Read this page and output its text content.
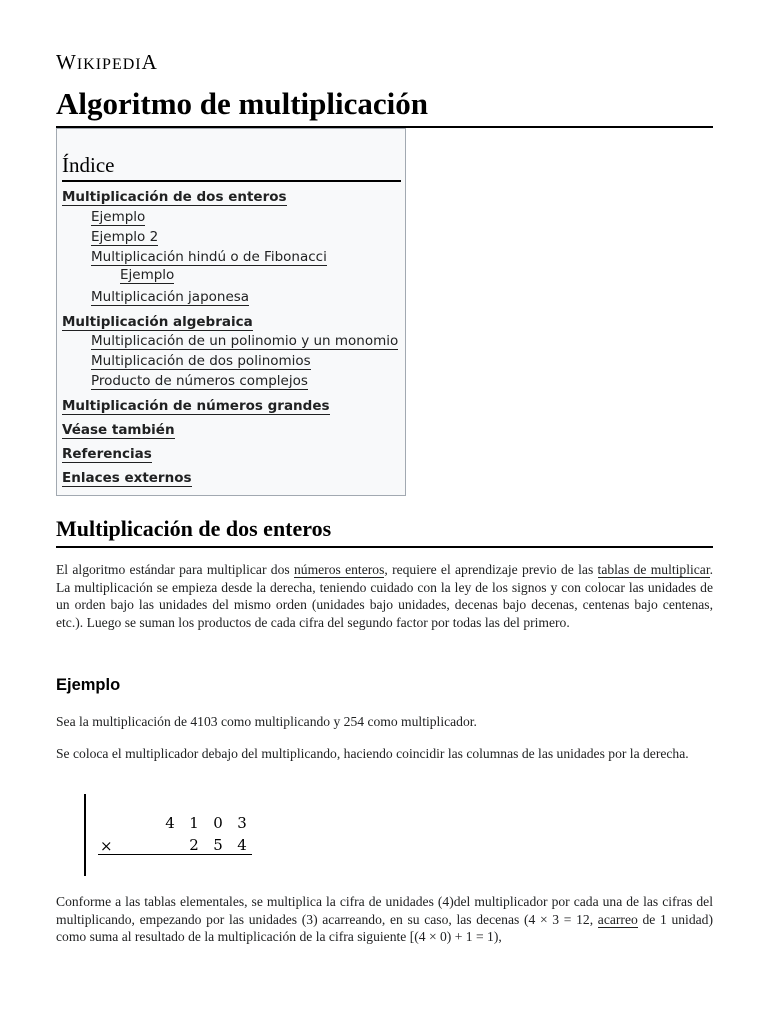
WIKIPEDIA
Algoritmo de multiplicación
Índice
Multiplicación de dos enteros
Ejemplo
Ejemplo 2
Multiplicación hindú o de Fibonacci
Ejemplo
Multiplicación japonesa
Multiplicación algebraica
Multiplicación de un polinomio y un monomio
Multiplicación de dos polinomios
Producto de números complejos
Multiplicación de números grandes
Véase también
Referencias
Enlaces externos
Multiplicación de dos enteros

El algoritmo estándar para multiplicar dos números enteros, requiere el aprendizaje previo de las tablas de multiplicar. La multiplicación se empieza desde la derecha, teniendo cuidado con la ley de los signos y con colocar las unidades de un orden bajo las unidades del mismo orden (unidades bajo unidades, decenas bajo decenas, centenas bajo centenas, etc.). Luego se suman los productos de cada cifra del segundo factor por todas las del primero.

Ejemplo

Sea la multiplicación de 4103 como multiplicando y 254 como multiplicador.

Se coloca el multiplicador debajo del multiplicando, haciendo coincidir las columnas de las unidades por la derecha.

4 1 0 3
×	2 5 4

Conforme a las tablas elementales, se multiplica la cifra de unidades (4)del multiplicador por cada una de las cifras del multiplicando, empezando por las unidades (3) acarreando, en su caso, las decenas (4 × 3 = 12, acarreo de 1 unidad) como suma al resultado de la multiplicación de la cifra siguiente [(4 × 0) + 1 = 1),
